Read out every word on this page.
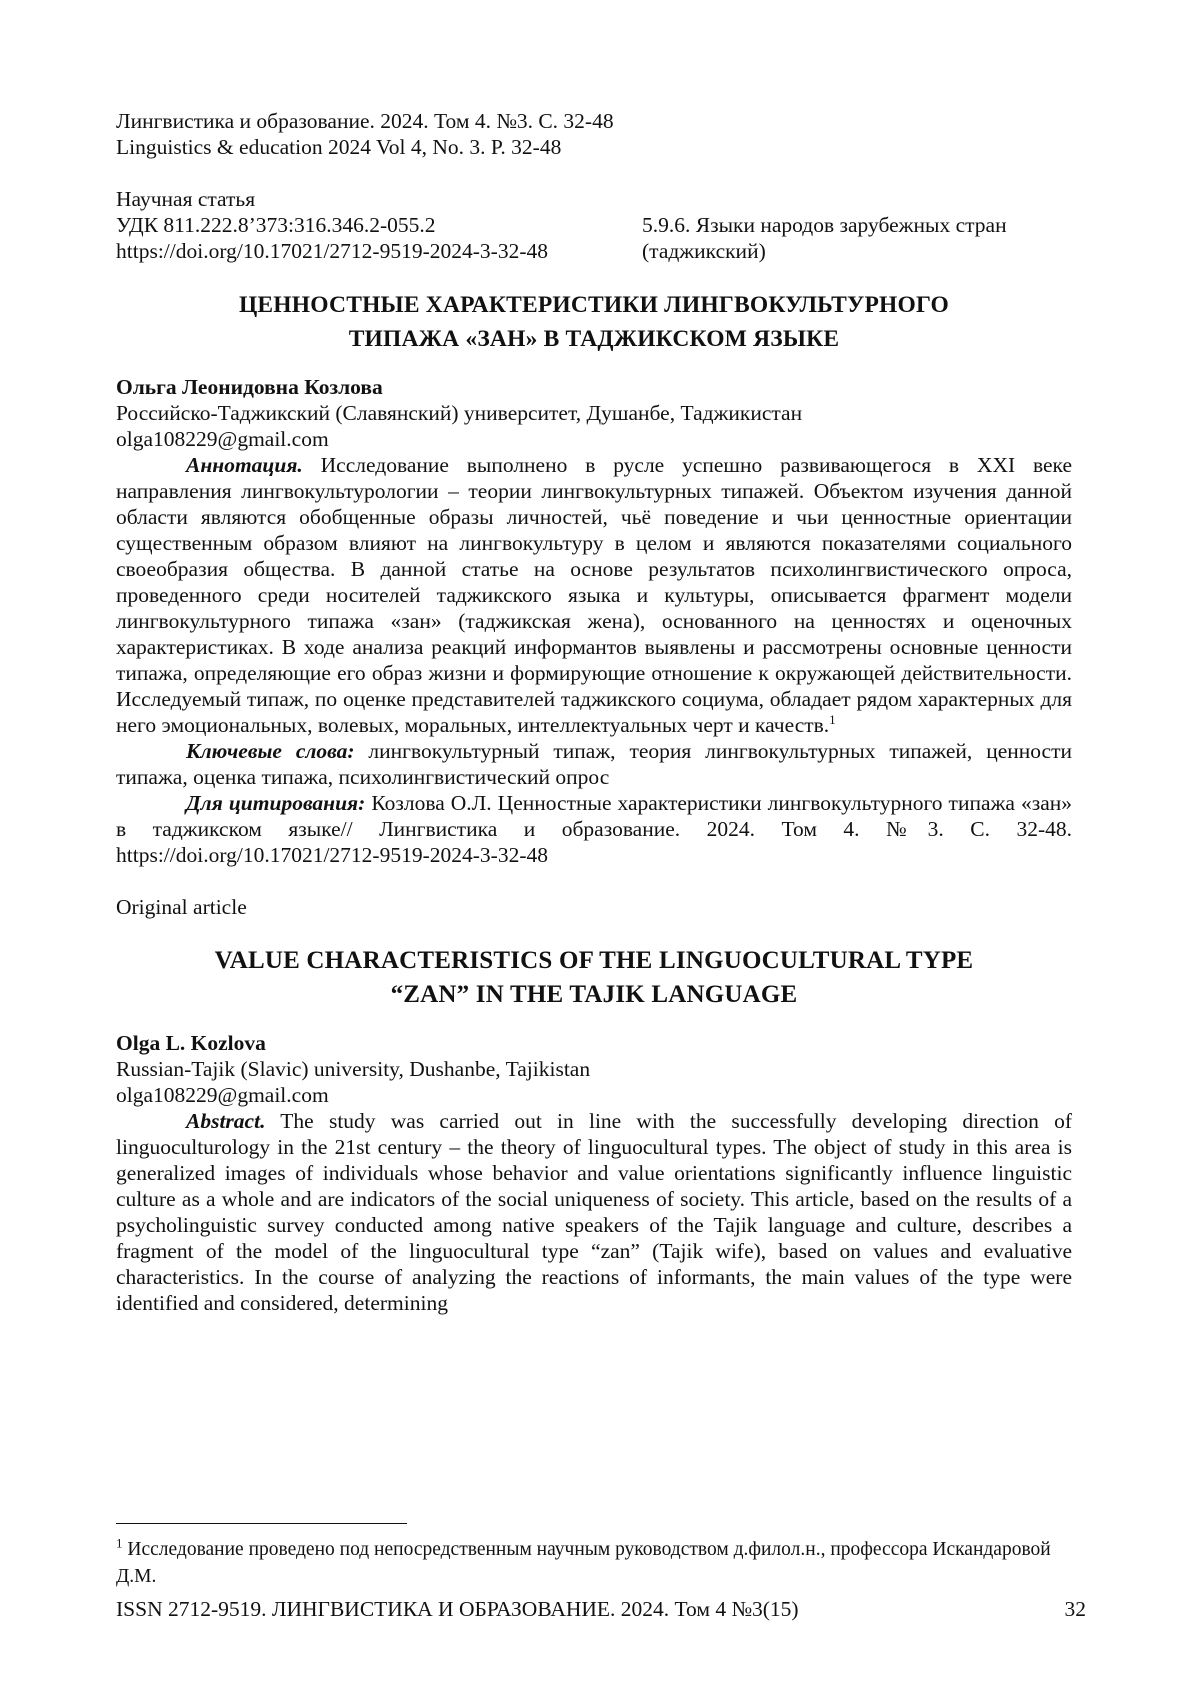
Лингвистика и образование. 2024. Том 4. №3. С. 32-48
Linguistics & education 2024 Vol 4, No. 3. P. 32-48
Научная статья
УДК 811.222.8’373:316.346.2-055.2
https://doi.org/10.17021/2712-9519-2024-3-32-48
5.9.6. Языки народов зарубежных стран
(таджикский)
ЦЕННОСТНЫЕ ХАРАКТЕРИСТИКИ ЛИНГВОКУЛЬТУРНОГО
ТИПАЖА «ЗАН» В ТАДЖИКСКОМ ЯЗЫКЕ
Ольга Леонидовна Козлова
Российско-Таджикский (Славянский) университет, Душанбе, Таджикистан
olga108229@gmail.com

Аннотация. Исследование выполнено в русле успешно развивающегося в XXI веке направления лингвокультурологии – теории лингвокультурных типажей. Объектом изучения данной области являются обобщенные образы личностей, чьё поведение и чьи ценностные ориентации существенным образом влияют на лингвокультуру в целом и являются показателями социального своеобразия общества. В данной статье на основе результатов психолингвистического опроса, проведенного среди носителей таджикского языка и культуры, описывается фрагмент модели лингвокультурного типажа «зан» (таджикская жена), основанного на ценностях и оценочных характеристиках. В ходе анализа реакций информантов выявлены и рассмотрены основные ценности типажа, определяющие его образ жизни и формирующие отношение к окружающей действительности. Исследуемый типаж, по оценке представителей таджикского социума, обладает рядом характерных для него эмоциональных, волевых, моральных, интеллектуальных черт и качеств.$^1$

Ключевые слова: лингвокультурный типаж, теория лингвокультурных типажей, ценности типажа, оценка типажа, психолингвистический опрос

Для цитирования: Козлова О.Л. Ценностные характеристики лингвокультурного типажа «зан» в таджикском языке// Лингвистика и образование. 2024. Том 4. №3. С. 32-48. https://doi.org/10.17021/2712-9519-2024-3-32-48

Original article
VALUE CHARACTERISTICS OF THE LINGUOCULTURAL TYPE
“ZAN” IN THE TAJIK LANGUAGE
Olga L. Kozlova
Russian-Tajik (Slavic) university, Dushanbe, Tajikistan
olga108229@gmail.com

Abstract. The study was carried out in line with the successfully developing direction of linguoculturology in the 21st century – the theory of linguocultural types. The object of study in this area is generalized images of individuals whose behavior and value orientations significantly influence linguistic culture as a whole and are indicators of the social uniqueness of society. This article, based on the results of a psycholinguistic survey conducted among native speakers of the Tajik language and culture, describes a fragment of the model of the linguocultural type “zan” (Tajik wife), based on values and evaluative characteristics. In the course of analyzing the reactions of informants, the main values of the type were identified and considered, determining

$^1$ Исследование проведено под непосредственным научным руководством д.филол.н., профессора Искандаровой Д.М.
ISSN 2712-9519. ЛИНГВИСТИКА И ОБРАЗОВАНИЕ. 2024. Том 4 №3(15)	32
